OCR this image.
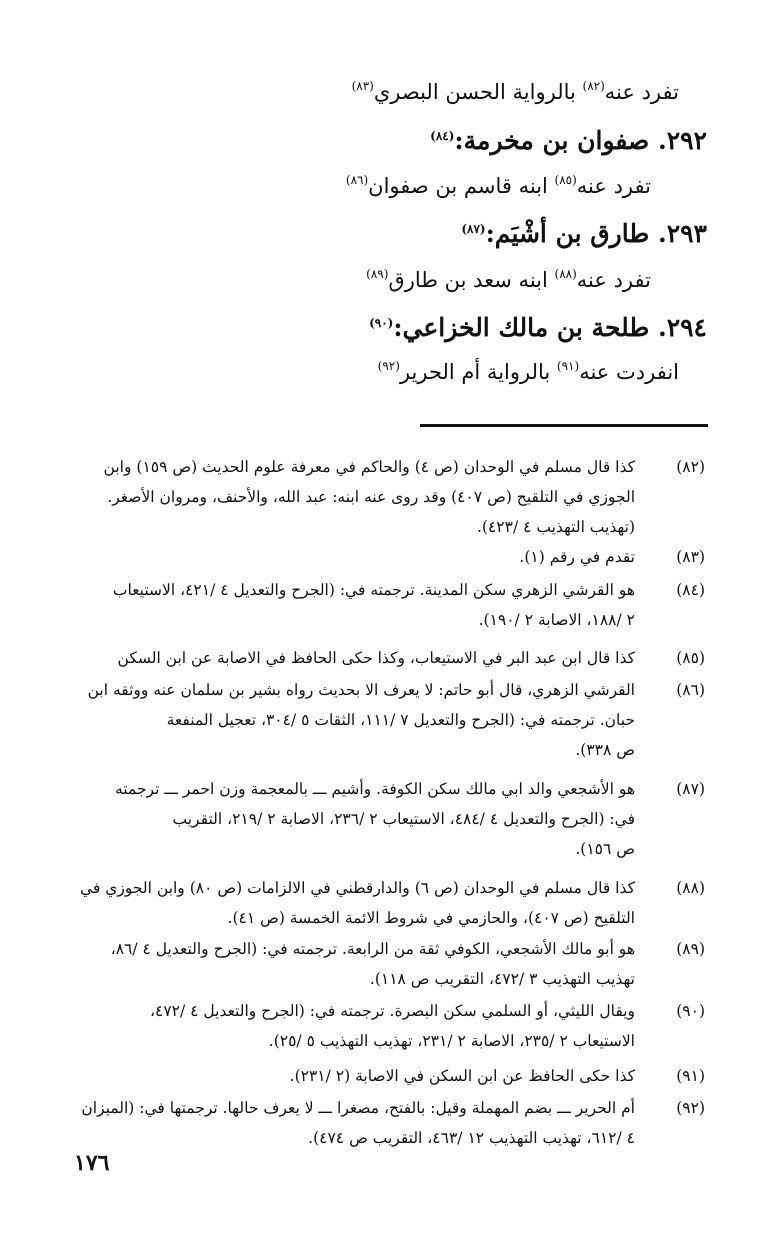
تفرد عنه$^{(٨٢)}$ بالرواية الحسن البصري$^{(٨٣)}$
٢٩٢. صفوان بن مخرمة:$^{(٨٤)}$
تفرد عنه$^{(٨٥)}$ ابنه قاسم بن صفوان$^{(٨٦)}$
٢٩٣. طارق بن أشْيَم:$^{(٨٧)}$
تفرد عنه$^{(٨٨)}$ ابنه سعد بن طارق$^{(٨٩)}$
٢٩٤. طلحة بن مالك الخزاعي:$^{(٩٠)}$
انفردت عنه$^{(٩١)}$ بالرواية أم الحرير$^{(٩٢)}$
(٨٢)
كذا قال مسلم في الوحدان (ص ٤) والحاكم في معرفة علوم الحديث (ص ١٥٩) وابن
الجوزي في التلقيح (ص ٤٠٧) وقد روى عنه ابنه: عبد الله، والأحنف، ومروان الأصغر.
(تهذيب التهذيب ٤ /٤٢٣).
(٨٣)
تقدم في رقم (١).
(٨٤)
هو القرشي الزهري سكن المدينة. ترجمته في: (الجرح والتعديل ٤ /٤٢١، الاستيعاب
٢ /١٨٨، الاصابة ٢ /١٩٠).
(٨٥)
كذا قال ابن عبد البر في الاستيعاب، وكذا حكى الحافظ في الاصابة عن ابن السكن
(٨٦)
القرشي الزهري، قال أبو حاتم: لا يعرف الا بحديث رواه بشير بن سلمان عنه ووثقه ابن
حبان. ترجمته في: (الجرح والتعديل ٧ /١١١، الثقات ٥ /٣٠٤، تعجيل المنفعة
ص ٣٣٨).
(٨٧)
هو الأشجعي والد ابي مالك سكن الكوفة. وأشيم ـــ بالمعجمة وزن احمر ـــ ترجمته
في: (الجرح والتعديل ٤ /٤٨٤، الاستيعاب ٢ /٢٣٦، الاصابة ٢ /٢١٩، التقريب
ص ١٥٦).
(٨٨)
كذا قال مسلم في الوحدان (ص ٦) والدارقطني في الالزامات (ص ٨٠) وابن الجوزي في
التلقيح (ص ٤٠٧)، والحازمي في شروط الائمة الخمسة (ص ٤١).
(٨٩)
هو أبو مالك الأشجعي، الكوفي ثقة من الرابعة. ترجمته في: (الجرح والتعديل ٤ /٨٦،
تهذيب التهذيب ٣ /٤٧٢، التقريب ص ١١٨).
(٩٠)
ويقال الليثي، أو السلمي سكن البصرة. ترجمته في: (الجرح والتعديل ٤ /٤٧٢،
الاستيعاب ٢ /٢٣٥، الاصابة ٢ /٢٣١، تهذيب التهذيب ٥ /٢٥).
(٩١)
كذا حكى الحافظ عن ابن السكن في الاصابة (٢ /٢٣١).
(٩٢)
أم الحرير ـــ بضم المهملة وقيل: بالفتح، مصغرا ـــ لا يعرف حالها. ترجمتها في: (الميزان
٤ /٦١٢، تهذيب التهذيب ١٢ /٤٦٣، التقريب ص ٤٧٤).
١٧٦
